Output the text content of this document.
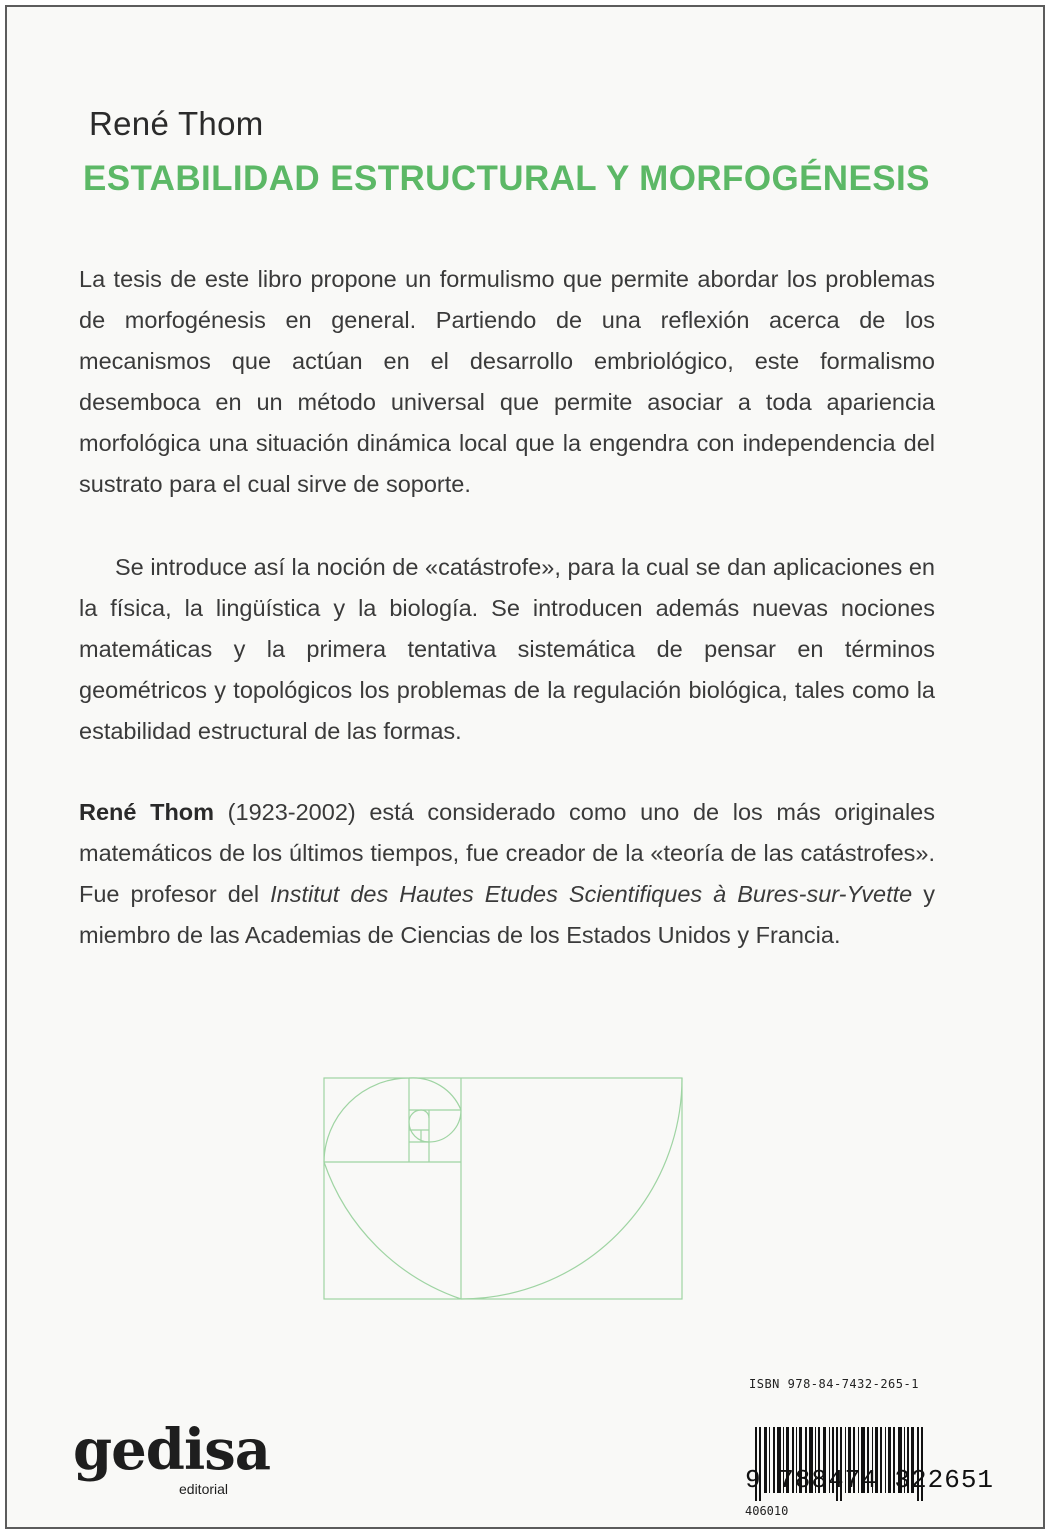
René Thom
ESTABILIDAD ESTRUCTURAL Y MORFOGÉNESIS
La tesis de este libro propone un formulismo que permite abordar los problemas de morfogénesis en general. Partiendo de una reflexión acerca de los mecanismos que actúan en el desarrollo embriológico, este formalismo desemboca en un método universal que permite asociar a toda apariencia morfológica una situación dinámica local que la engendra con independencia del sustrato para el cual sirve de soporte.
Se introduce así la noción de «catástrofe», para la cual se dan aplicaciones en la física, la lingüística y la biología. Se introducen además nuevas nociones matemáticas y la primera tentativa sistemática de pensar en términos geométricos y topológicos los problemas de la regulación biológica, tales como la estabilidad estructural de las formas.
René Thom (1923-2002) está considerado como uno de los más originales matemáticos de los últimos tiempos, fue creador de la «teoría de las catástrofes». Fue profesor del Institut des Hautes Etudes Scientifiques à Bures-sur-Yvette y miembro de las Academias de Ciencias de los Estados Unidos y Francia.
ISBN 978-84-7432-265-1
9 788474 322651
406010
gedisa
editorial
